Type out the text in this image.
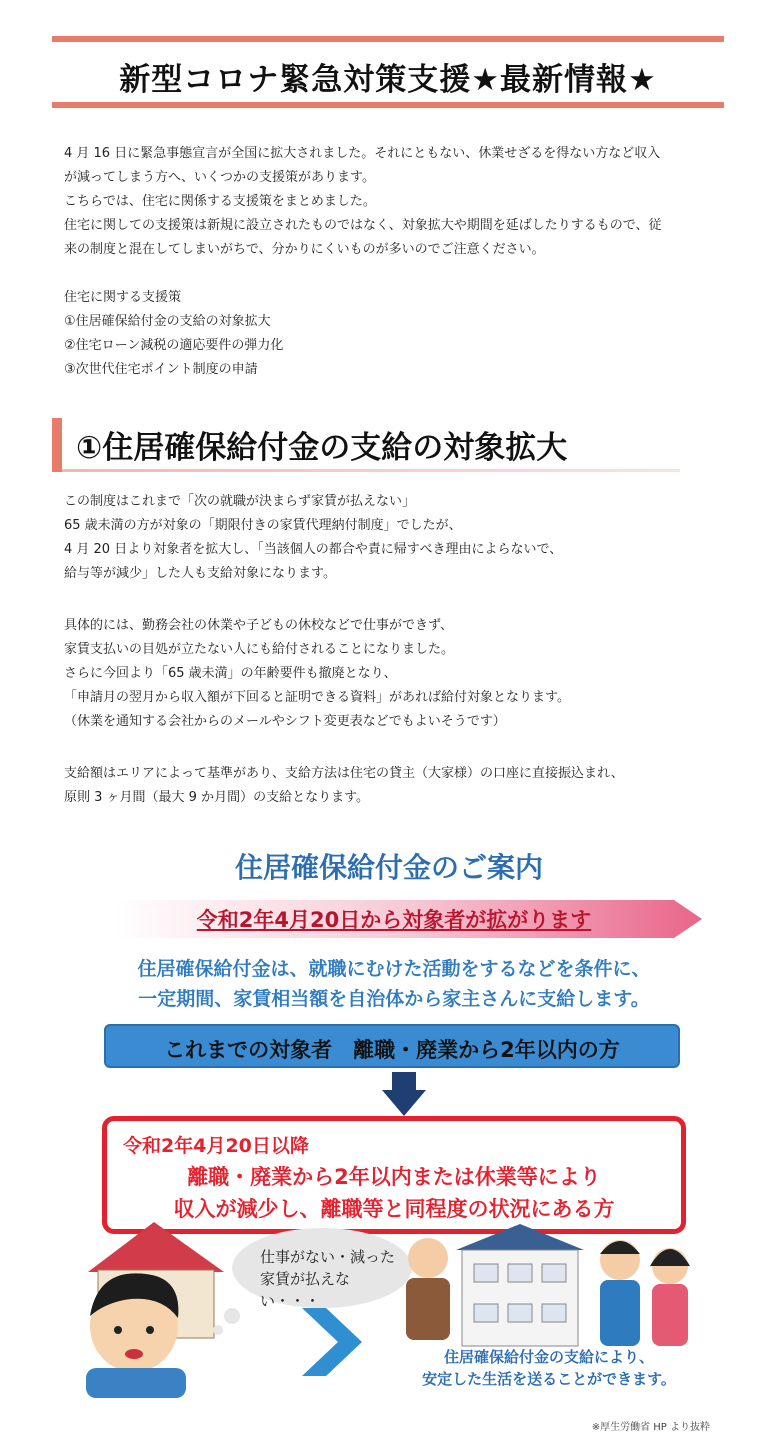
新型コロナ緊急対策支援★最新情報★

4 月 16 日に緊急事態宣言が全国に拡大されました。それにともない、休業せざるを得ない方など収入

が減ってしまう方へ、いくつかの支援策があります。

こちらでは、住宅に関係する支援策をまとめました。

住宅に関しての支援策は新規に設立されたものではなく、対象拡大や期間を延ばしたりするもので、従

来の制度と混在してしまいがちで、分かりにくいものが多いのでご注意ください。

住宅に関する支援策

①住居確保給付金の支給の対象拡大

②住宅ローン減税の適応要件の弾力化

③次世代住宅ポイント制度の申請

①住居確保給付金の支給の対象拡大

この制度はこれまで「次の就職が決まらず家賃が払えない」

65 歳未満の方が対象の「期限付きの家賃代理納付制度」でしたが、

4 月 20 日より対象者を拡大し、「当該個人の都合や責に帰すべき理由によらないで、

給与等が減少」した人も支給対象になります。

具体的には、勤務会社の休業や子どもの休校などで仕事ができず、

家賃支払いの目処が立たない人にも給付されることになりました。

さらに今回より「65 歳未満」の年齢要件も撤廃となり、

「申請月の翌月から収入額が下回ると証明できる資料」があれば給付対象となります。

（休業を通知する会社からのメールやシフト変更表などでもよいそうです）

支給額はエリアによって基準があり、支給方法は住宅の貸主（大家様）の口座に直接振込まれ、

原則 3 ヶ月間（最大 9 か月間）の支給となります。

住居確保給付金のご案内
令和2年4月20日から対象者が拡がります
住居確保給付金は、就職にむけた活動をするなどを条件に、
一定期間、家賃相当額を自治体から家主さんに支給します。
これまでの対象者　離職・廃業から2年以内の方
令和2年4月20日以降
離職・廃業から2年以内または休業等により
収入が減少し、離職等と同程度の状況にある方
仕事がない・減った
家賃が払えない・・・
住居確保給付金の支給により、
安定した生活を送ることができます。
※厚生労働省 HP より抜粋
